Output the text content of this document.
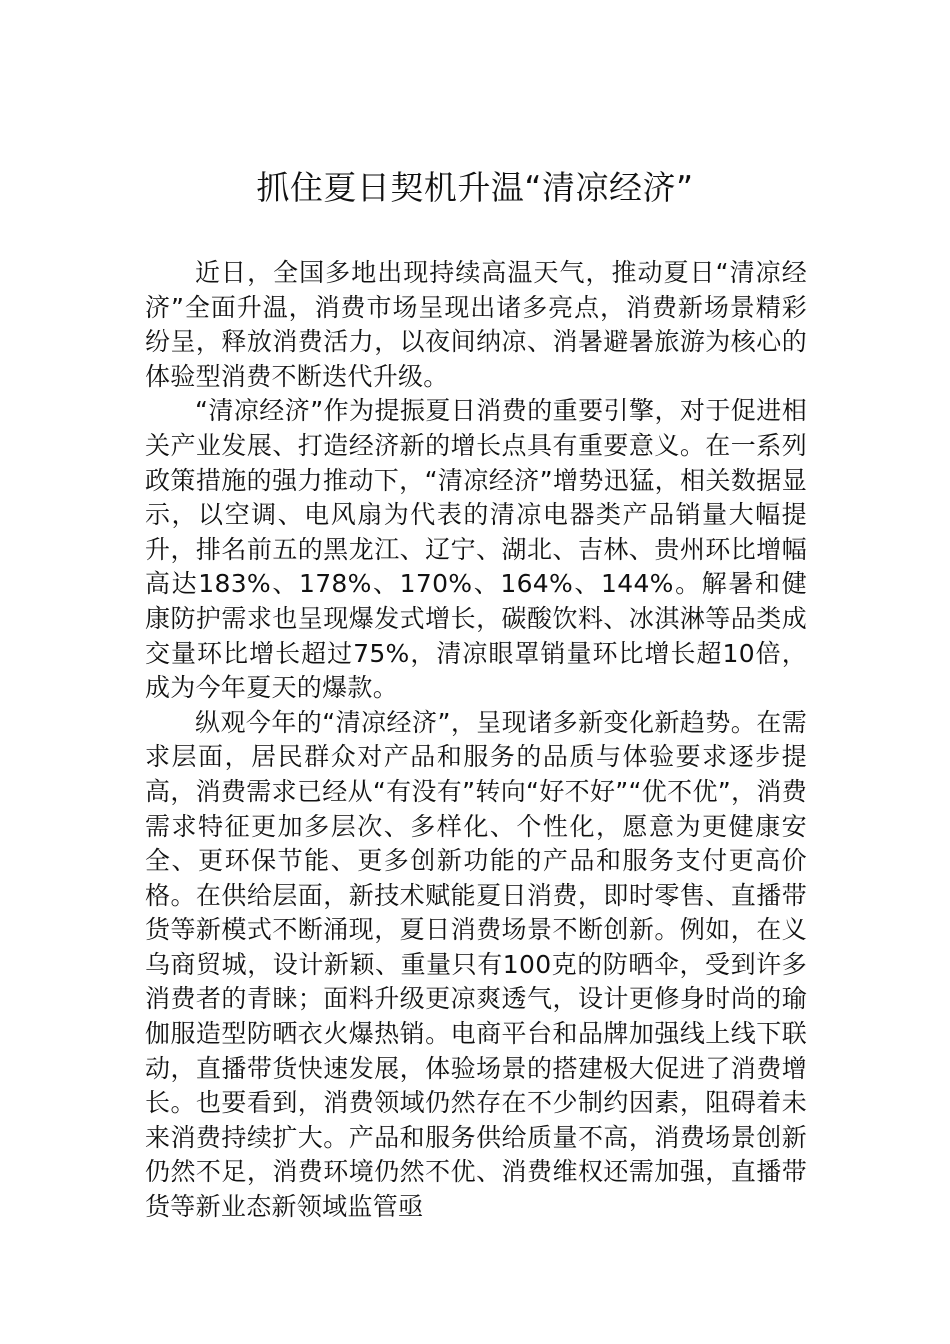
抓住夏日契机升温“清凉经济”

近日，全国多地出现持续高温天气，推动夏日“清凉经济”全面升温，消费市场呈现出诸多亮点，消费新场景精彩纷呈，释放消费活力，以夜间纳凉、消暑避暑旅游为核心的体验型消费不断迭代升级。

“清凉经济”作为提振夏日消费的重要引擎，对于促进相关产业发展、打造经济新的增长点具有重要意义。在一系列政策措施的强力推动下，“清凉经济”增势迅猛，相关数据显示，以空调、电风扇为代表的清凉电器类产品销量大幅提升，排名前五的黑龙江、辽宁、湖北、吉林、贵州环比增幅高达183%、178%、170%、164%、144%。解暑和健康防护需求也呈现爆发式增长，碳酸饮料、冰淇淋等品类成交量环比增长超过75%，清凉眼罩销量环比增长超10倍，成为今年夏天的爆款。

纵观今年的“清凉经济”，呈现诸多新变化新趋势。在需求层面，居民群众对产品和服务的品质与体验要求逐步提高，消费需求已经从“有没有”转向“好不好”“优不优”，消费需求特征更加多层次、多样化、个性化，愿意为更健康安全、更环保节能、更多创新功能的产品和服务支付更高价格。在供给层面，新技术赋能夏日消费，即时零售、直播带货等新模式不断涌现，夏日消费场景不断创新。例如，在义乌商贸城，设计新颖、重量只有100克的防晒伞，受到许多消费者的青睐；面料升级更凉爽透气，设计更修身时尚的瑜伽服造型防晒衣火爆热销。电商平台和品牌加强线上线下联动，直播带货快速发展，体验场景的搭建极大促进了消费增长。也要看到，消费领域仍然存在不少制约因素，阻碍着未来消费持续扩大。产品和服务供给质量不高，消费场景创新仍然不足，消费环境仍然不优、消费维权还需加强，直播带货等新业态新领域监管亟
